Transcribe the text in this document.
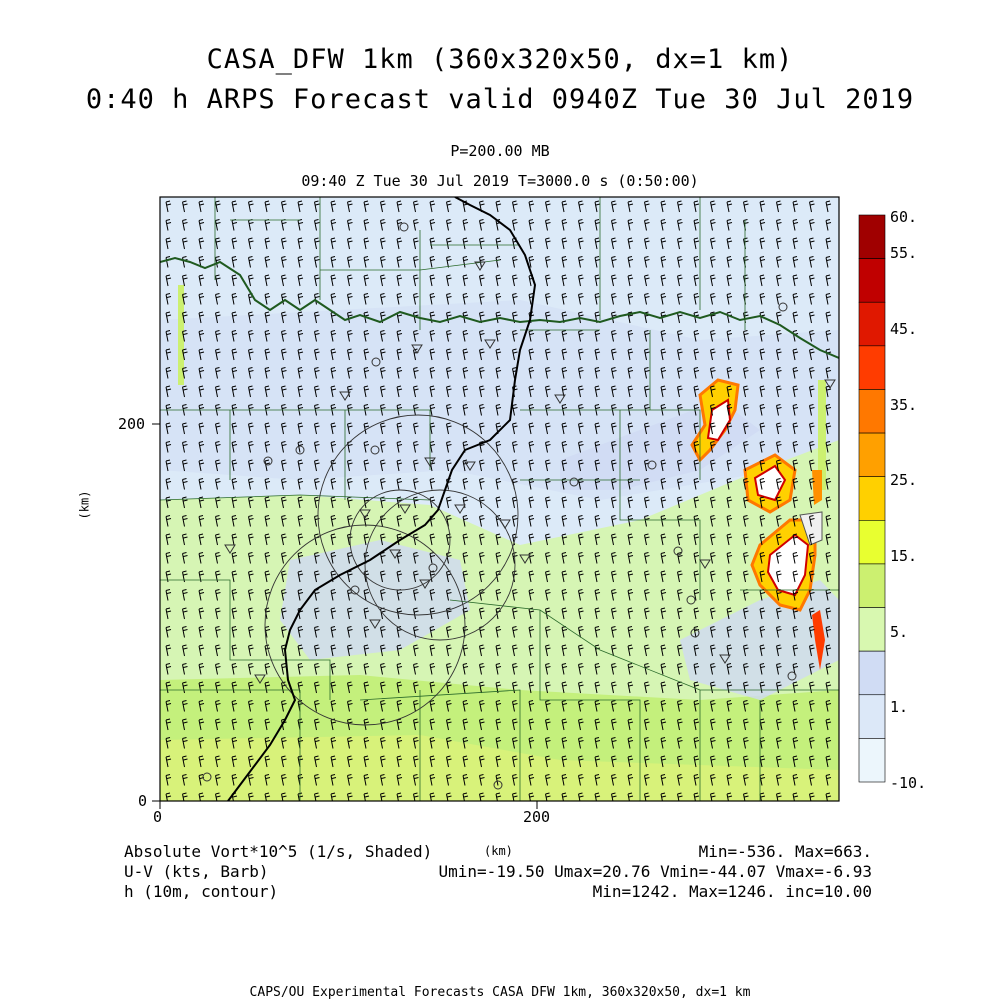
CASA_DFW 1km (360x320x50, dx=1 km)
0:40 h ARPS Forecast valid 0940Z Tue 30 Jul 2019
P=200.00 MB
09:40 Z Tue 30 Jul 2019 T=3000.0 s (0:50:00)
(km)
200
0
0	200
(km)
60.
55.
45.
35.
25.
15.
5.
1.
-10.
Absolute Vort*10^5 (1/s, Shaded)
U-V (kts, Barb)
h (10m, contour)
Min=-536. Max=663.
Umin=-19.50 Umax=20.76 Vmin=-44.07 Vmax=-6.93
Min=1242. Max=1246. inc=10.00
CAPS/OU Experimental Forecasts CASA DFW 1km, 360x320x50, dx=1 km
